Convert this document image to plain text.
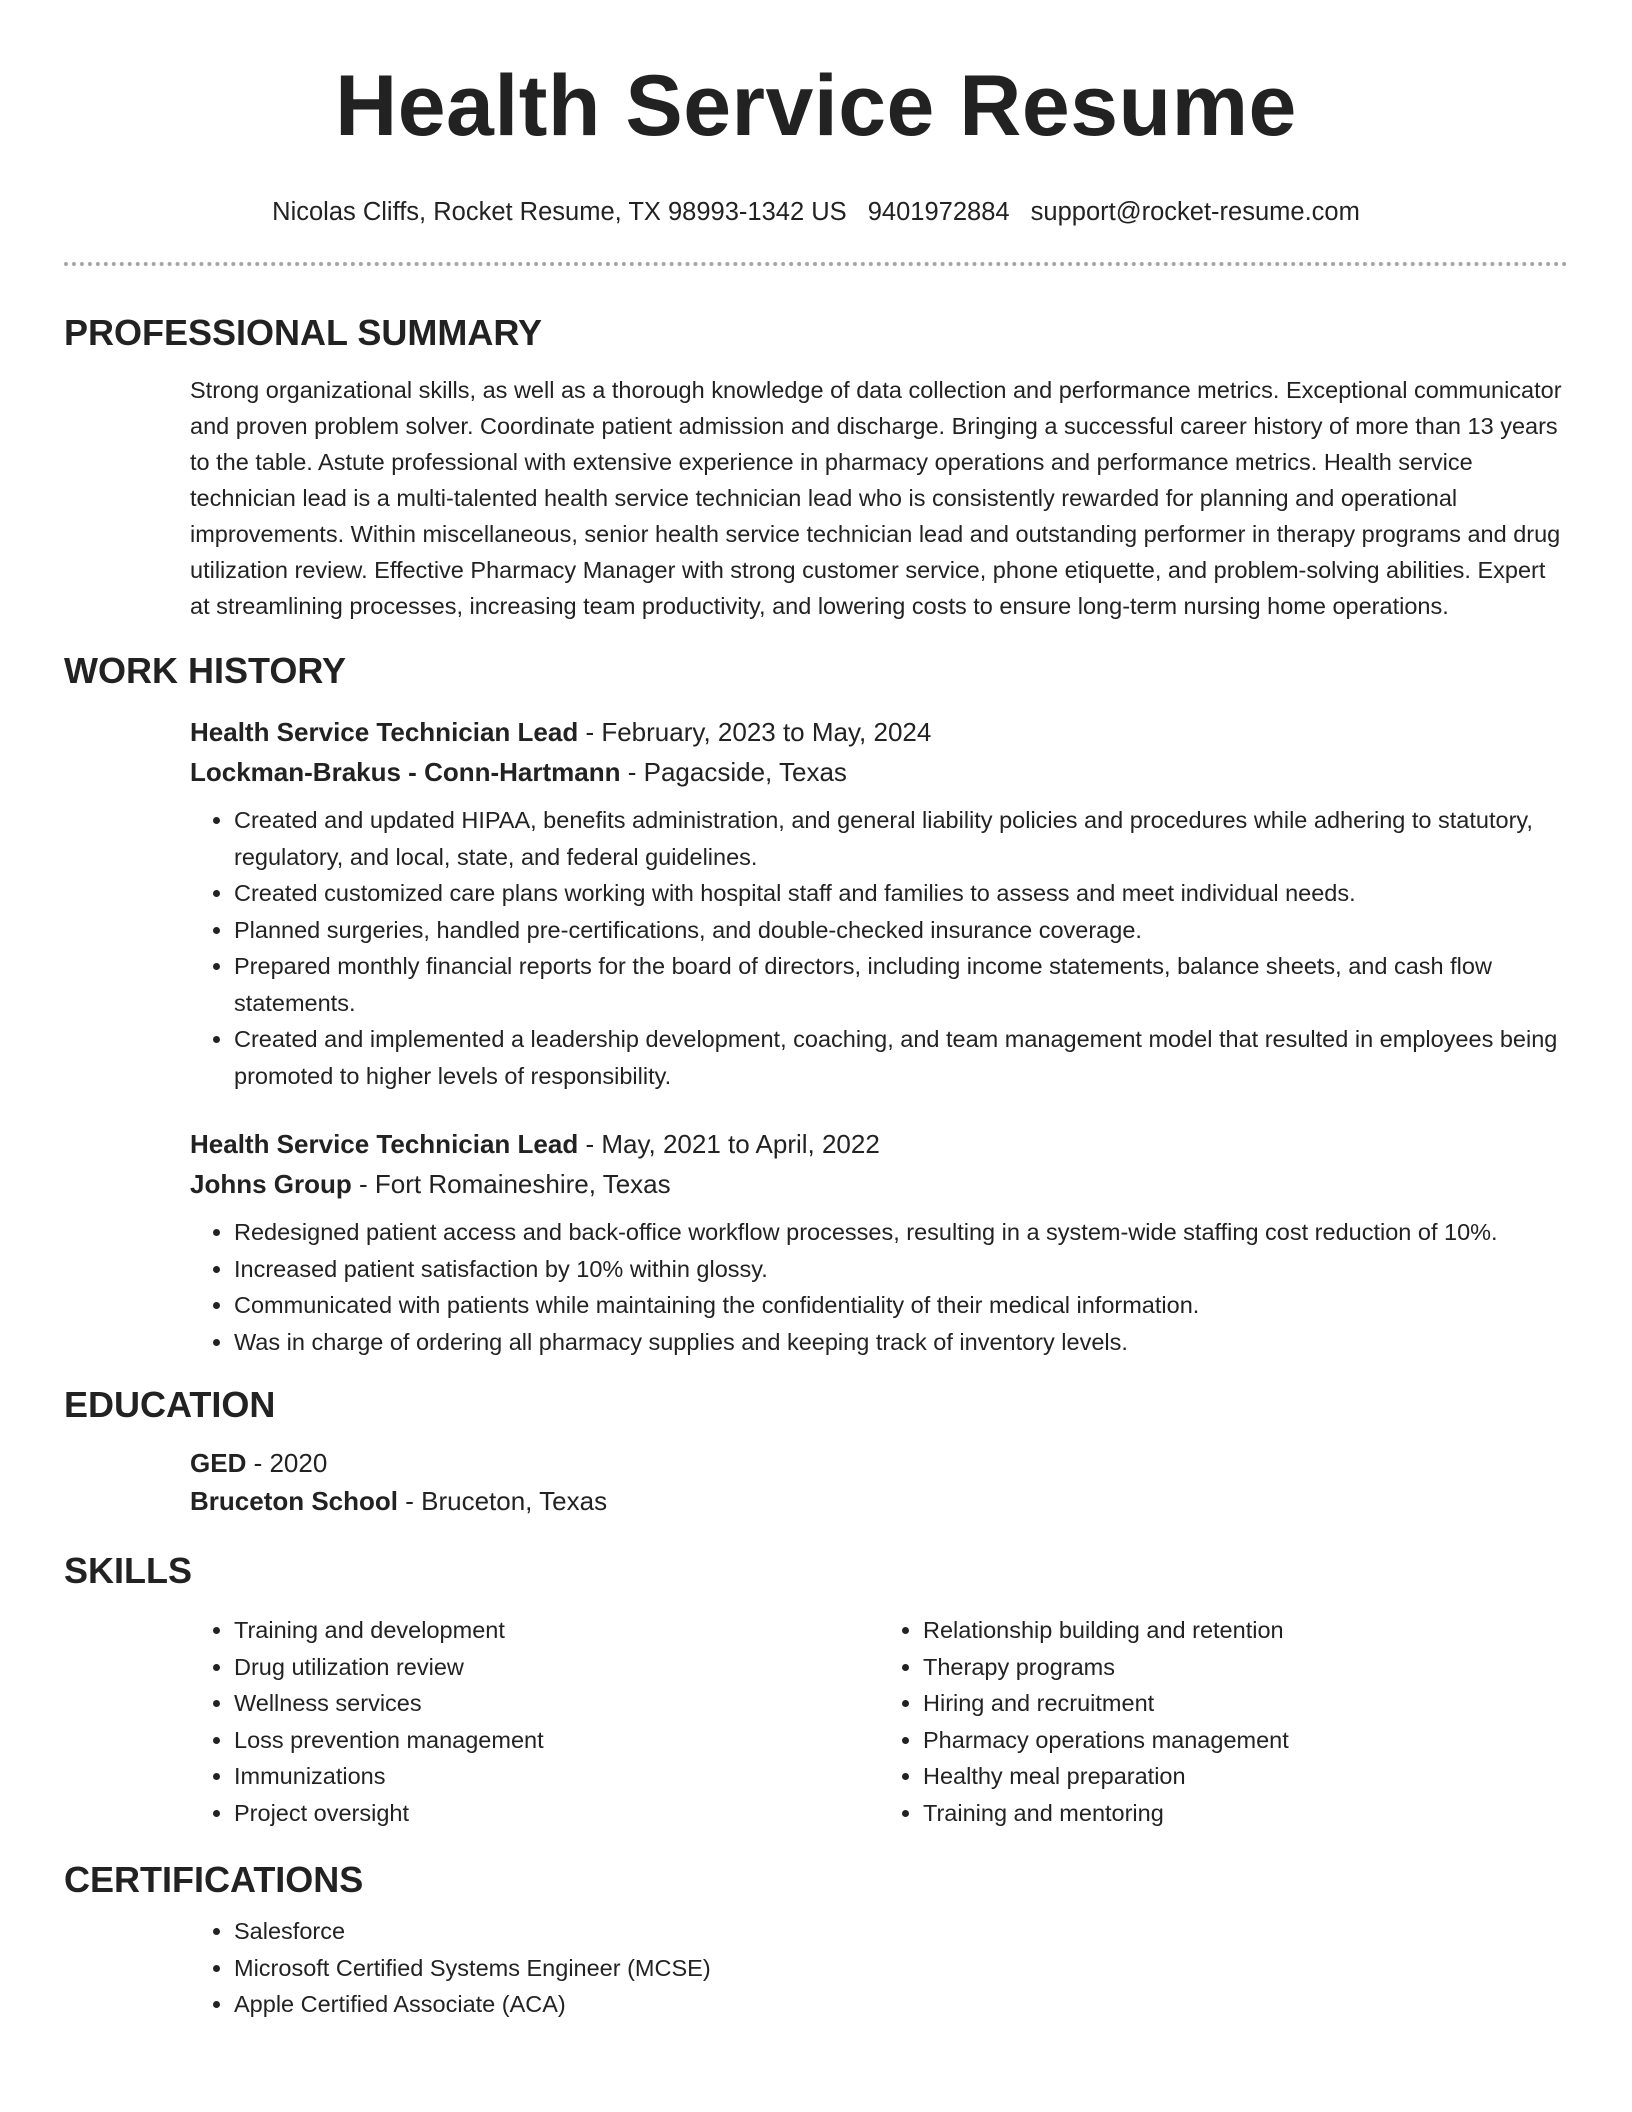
Health Service Resume
Nicolas Cliffs, Rocket Resume, TX 98993-1342 US 9401972884 support@rocket-resume.com
PROFESSIONAL SUMMARY

Strong organizational skills, as well as a thorough knowledge of data collection and performance metrics. Exceptional communicator and proven problem solver. Coordinate patient admission and discharge. Bringing a successful career history of more than 13 years to the table. Astute professional with extensive experience in pharmacy operations and performance metrics. Health service technician lead is a multi-talented health service technician lead who is consistently rewarded for planning and operational improvements. Within miscellaneous, senior health service technician lead and outstanding performer in therapy programs and drug utilization review. Effective Pharmacy Manager with strong customer service, phone etiquette, and problem-solving abilities. Expert at streamlining processes, increasing team productivity, and lowering costs to ensure long-term nursing home operations.

WORK HISTORY
Health Service Technician Lead - February, 2023 to May, 2024
Lockman-Brakus - Conn-Hartmann - Pagacside, Texas
• Created and updated HIPAA, benefits administration, and general liability policies and procedures while adhering to statutory, regulatory, and local, state, and federal guidelines.
• Created customized care plans working with hospital staff and families to assess and meet individual needs.
• Planned surgeries, handled pre-certifications, and double-checked insurance coverage.
• Prepared monthly financial reports for the board of directors, including income statements, balance sheets, and cash flow statements.
• Created and implemented a leadership development, coaching, and team management model that resulted in employees being promoted to higher levels of responsibility.
Health Service Technician Lead - May, 2021 to April, 2022
Johns Group - Fort Romaineshire, Texas
• Redesigned patient access and back-office workflow processes, resulting in a system-wide staffing cost reduction of 10%.
• Increased patient satisfaction by 10% within glossy.
• Communicated with patients while maintaining the confidentiality of their medical information.
• Was in charge of ordering all pharmacy supplies and keeping track of inventory levels.
EDUCATION
GED - 2020
Bruceton School - Bruceton, Texas
SKILLS
• Training and development
• Drug utilization review
• Wellness services
• Loss prevention management
• Immunizations
• Project oversight
• Relationship building and retention
• Therapy programs
• Hiring and recruitment
• Pharmacy operations management
• Healthy meal preparation
• Training and mentoring
CERTIFICATIONS
• Salesforce
• Microsoft Certified Systems Engineer (MCSE)
• Apple Certified Associate (ACA)
